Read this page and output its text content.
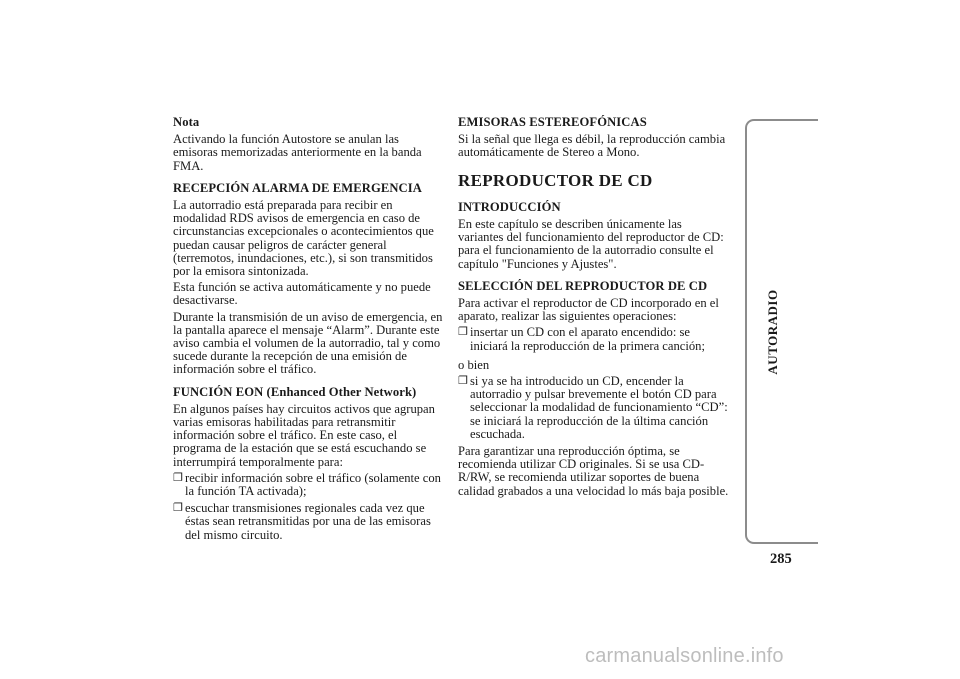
Nota

Activando la función Autostore se anulan las emisoras memorizadas anteriormente en la banda FMA.

RECEPCIÓN ALARMA DE EMERGENCIA

La autorradio está preparada para recibir en modalidad RDS avisos de emergencia en caso de circunstancias excepcionales o acontecimientos que puedan causar peligros de carácter general (terremotos, inundaciones, etc.), si son transmitidos por la emisora sintonizada.

Esta función se activa automáticamente y no puede desactivarse.

Durante la transmisión de un aviso de emergencia, en la pantalla aparece el mensaje “Alarm”. Durante este aviso cambia el volumen de la autorradio, tal y como sucede durante la recepción de una emisión de información sobre el tráfico.

FUNCIÓN EON (Enhanced Other Network)

En algunos países hay circuitos activos que agrupan varias emisoras habilitadas para retransmitir información sobre el tráfico. En este caso, el programa de la estación que se está escuchando se interrumpirá temporalmente para:

❐ recibir información sobre el tráfico (solamente con la función TA activada);
❐ escuchar transmisiones regionales cada vez que éstas sean retransmitidas por una de las emisoras del mismo circuito.
EMISORAS ESTEREOFÓNICAS

Si la señal que llega es débil, la reproducción cambia automáticamente de Stereo a Mono.

REPRODUCTOR DE CD
INTRODUCCIÓN

En este capítulo se describen únicamente las variantes del funcionamiento del reproductor de CD: para el funcionamiento de la autorradio consulte el capítulo "Funciones y Ajustes".

SELECCIÓN DEL REPRODUCTOR DE CD

Para activar el reproductor de CD incorporado en el aparato, realizar las siguientes operaciones:

❐ insertar un CD con el aparato encendido: se iniciará la reproducción de la primera canción;

o bien

❐ si ya se ha introducido un CD, encender la autorradio y pulsar brevemente el botón CD para seleccionar la modalidad de funcionamiento “CD”: se iniciará la reproducción de la última canción escuchada.

Para garantizar una reproducción óptima, se recomienda utilizar CD originales. Si se usa CD-R/RW, se recomienda utilizar soportes de buena calidad grabados a una velocidad lo más baja posible.

AUTORADIO
285
carmanualsonline.info
